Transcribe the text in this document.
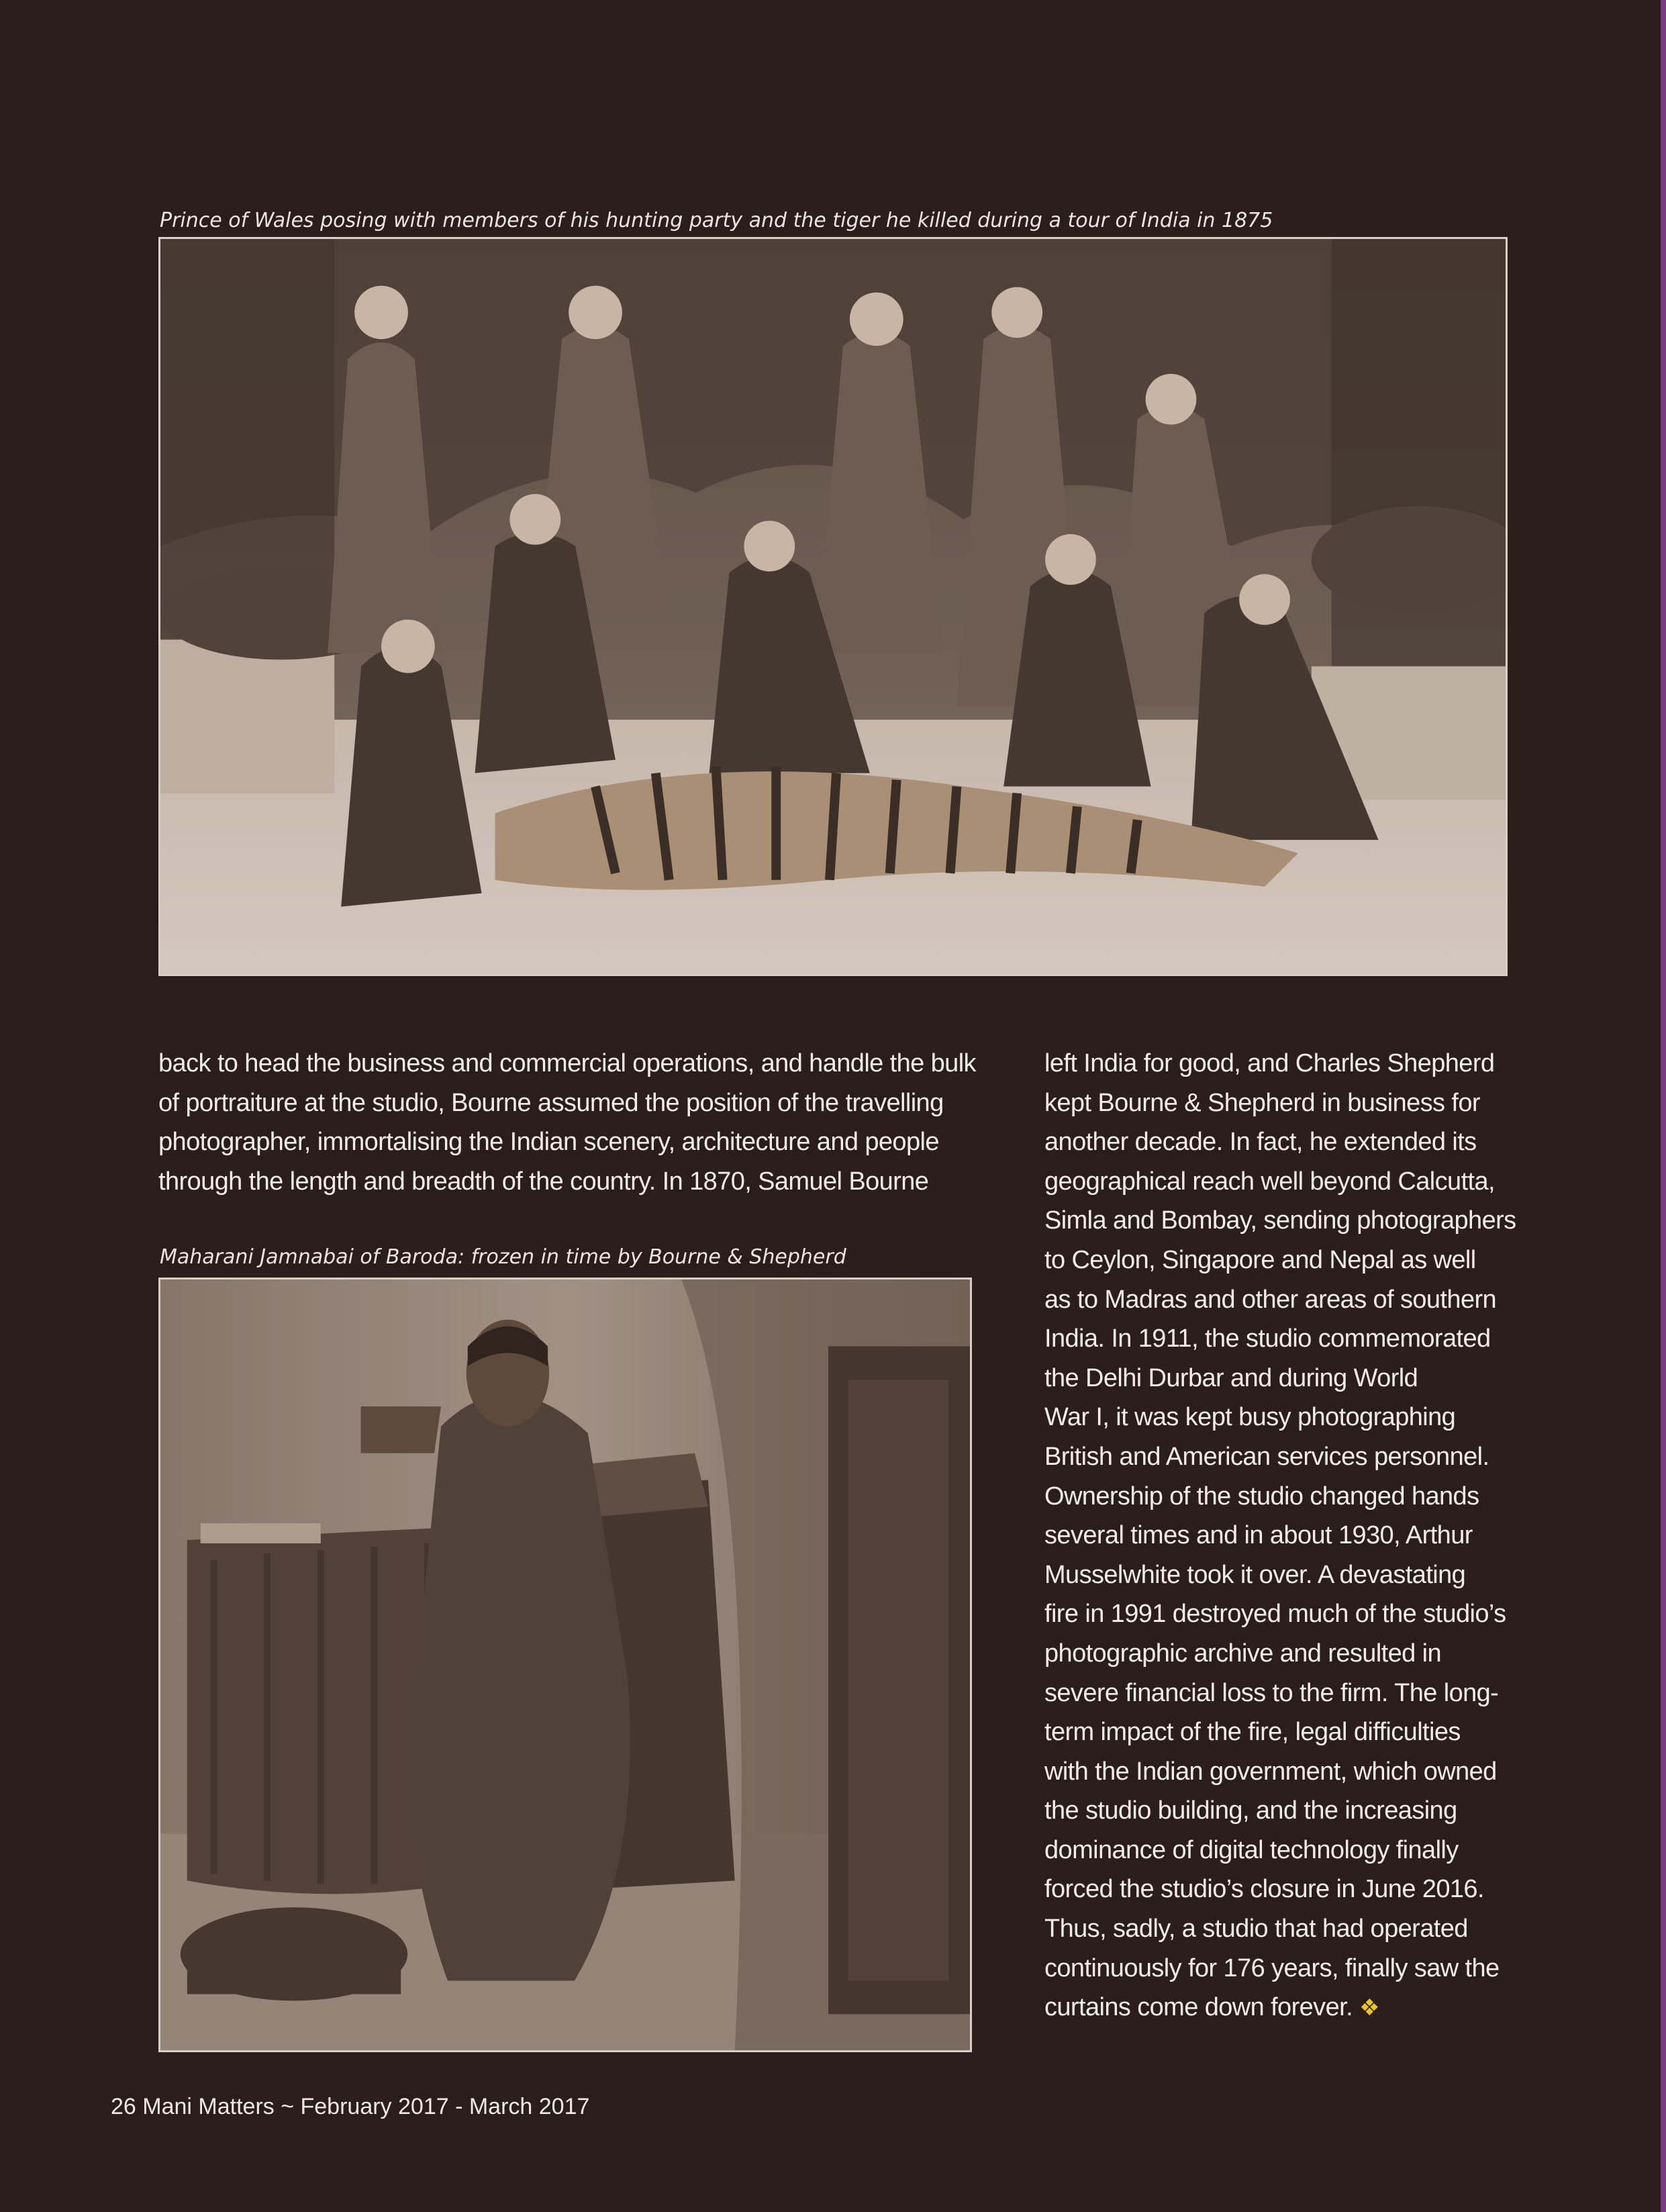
Prince of Wales posing with members of his hunting party and the tiger he killed during a tour of India in 1875
back to head the business and commercial operations, and handle the bulk
of portraiture at the studio, Bourne assumed the position of the travelling
photographer, immortalising the Indian scenery, architecture and people
through the length and breadth of the country. In 1870, Samuel Bourne
Maharani Jamnabai of Baroda: frozen in time by Bourne & Shepherd
left India for good, and Charles Shepherd
kept Bourne & Shepherd in business for
another decade. In fact, he extended its
geographical reach well beyond Calcutta,
Simla and Bombay, sending photographers
to Ceylon, Singapore and Nepal as well
as to Madras and other areas of southern
India. In 1911, the studio commemorated
the Delhi Durbar and during World
War I, it was kept busy photographing
British and American services personnel.
Ownership of the studio changed hands
several times and in about 1930, Arthur
Musselwhite took it over. A devastating
fire in 1991 destroyed much of the studio’s
photographic archive and resulted in
severe financial loss to the firm. The long-
term impact of the fire, legal difficulties
with the Indian government, which owned
the studio building, and the increasing
dominance of digital technology finally
forced the studio’s closure in June 2016.
Thus, sadly, a studio that had operated
continuously for 176 years, finally saw the
curtains come down forever. ❖
26 Mani Matters ~ February 2017 - March 2017
